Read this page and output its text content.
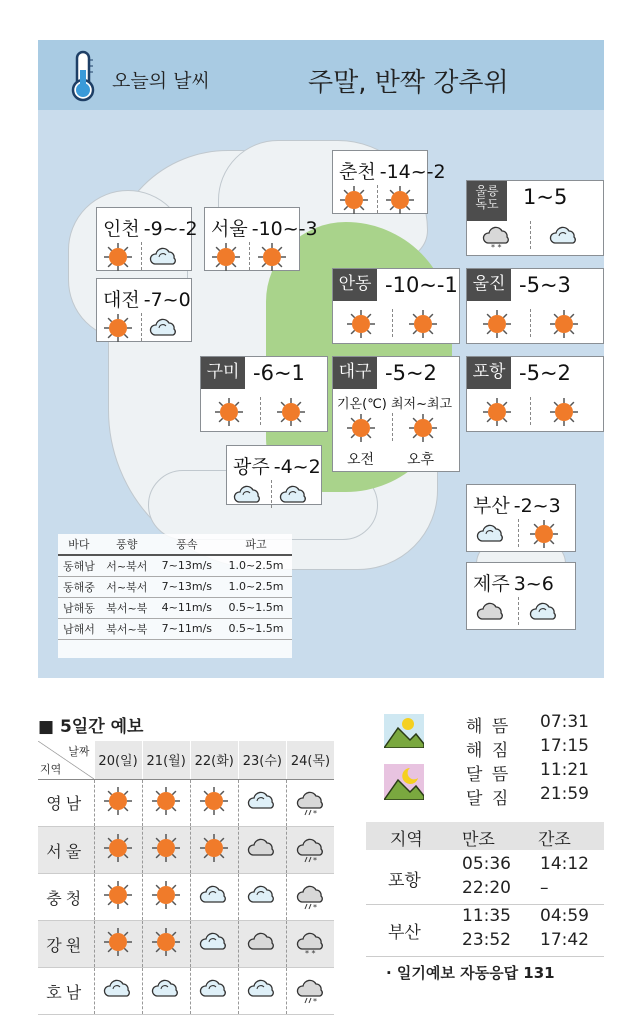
오늘의 날씨	주말, 반짝 강추위
춘천 -14~-2
인천 -9~-2 서울 -10~-3
대전 -7~0
울릉
독도	1~5
* *
안동 -10~-1 울진 -5~3
구미 -6~1	대구 -5~2
기온(℃) 최저~최고
오전 오후
포항 -5~2
광주 -4~2
부산 -2~3
제주 3~6
바다	풍향	풍속	파고
동해남	서~북서	7~13m/s	1.0~2.5m
동해중	서~북서	7~13m/s	1.0~2.5m
남해동	북서~북	4~11m/s	0.5~1.5m
남해서	북서~북	7~11m/s	0.5~1.5m
■ 5일간 예보
날짜
지역	20(일)	21(월)	22(화)	23(수)	24(목)
영남					*

서울					*

충청					*

강원					* *

호남					*
해 뜸 07:31
해 짐 17:15
달 뜸 11:21
달 짐 21:59
지역 만조	간조
포항
05:36 14:12
22:20 –
부산
11:35 04:59
23:52 17:42
· 일기예보 자동응답 131
